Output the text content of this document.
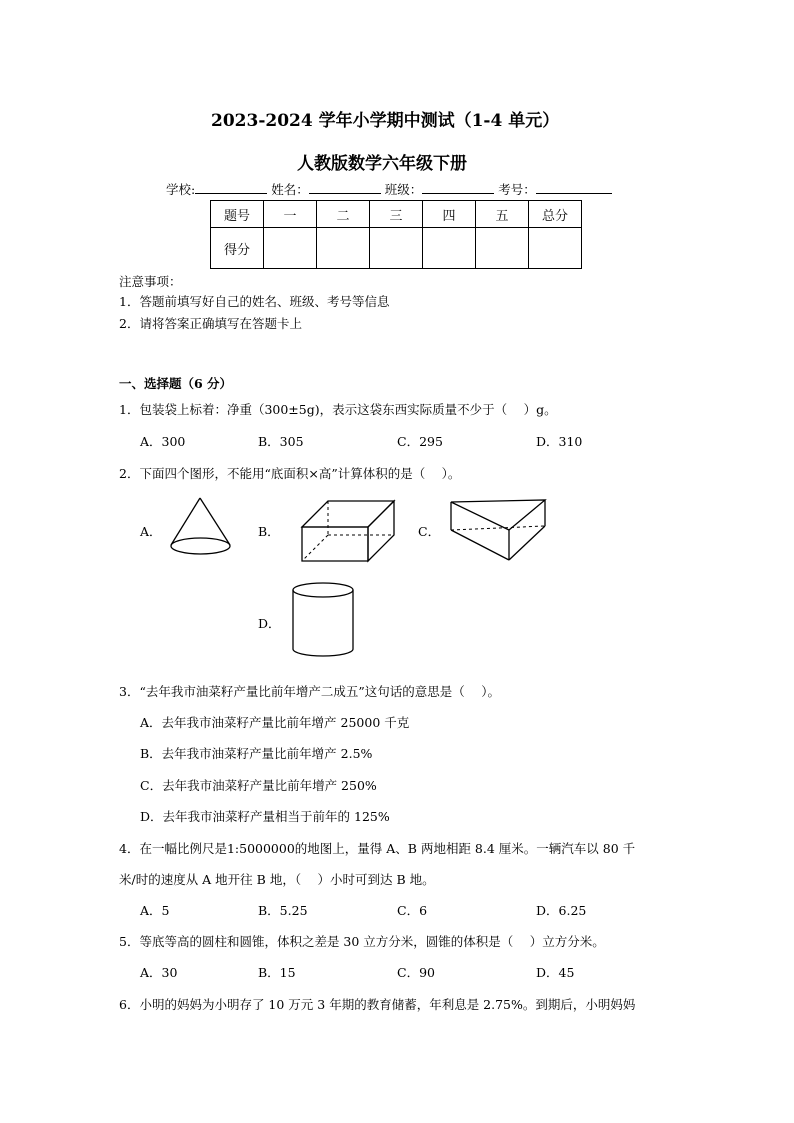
2023-2024 学年小学期中测试（1-4 单元）
人教版数学六年级下册
学校:	姓名：	班级：	考号：
题号	一	二	三	四	五	总分
得分						
注意事项：
1．答题前填写好自己的姓名、班级、考号等信息
2．请将答案正确填写在答题卡上
一、选择题（6 分）
1．包装袋上标着：净重（300±5g)，表示这袋东西实际质量不少于（　 ）g。
A．300	B．305	C．295	D．310
2．下面四个图形，不能用“底面积×高”计算体积的是（　 ）。
A．	B．	C．
D．
3．“去年我市油菜籽产量比前年增产二成五”这句话的意思是（　 ）。
A．去年我市油菜籽产量比前年增产 25000 千克
B．去年我市油菜籽产量比前年增产 2.5%
C．去年我市油菜籽产量比前年增产 250%
D．去年我市油菜籽产量相当于前年的 125%
4．在一幅比例尺是1:5000000的地图上，量得 A、B 两地相距 8.4 厘米。一辆汽车以 80 千
米/时的速度从 A 地开往 B 地，（　 ）小时可到达 B 地。
A．5	B．5.25	C．6	D．6.25
5．等底等高的圆柱和圆锥，体积之差是 30 立方分米，圆锥的体积是（　 ）立方分米。
A．30	B．15	C．90	D．45
6．小明的妈妈为小明存了 10 万元 3 年期的教育储蓄，年利息是 2.75%。到期后，小明妈妈
